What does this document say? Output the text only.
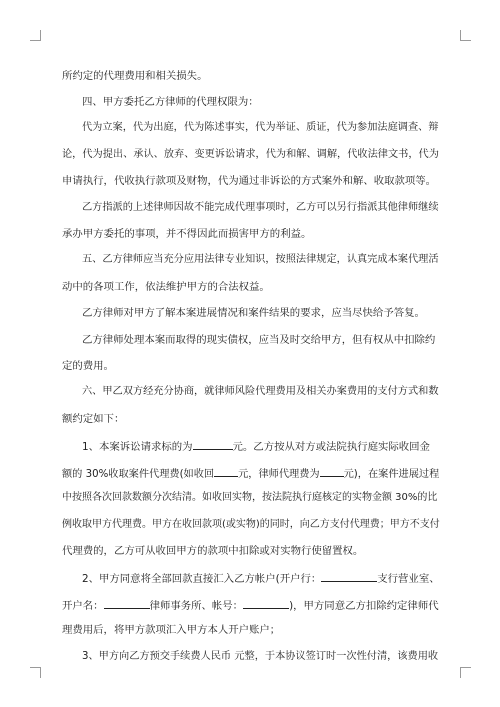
所约定的代理费用和相关损失。
四、甲方委托乙方律师的代理权限为：
代为立案，代为出庭，代为陈述事实，代为举证、质证，代为参加法庭调查、辩
论，代为提出、承认、放弃、变更诉讼请求，代为和解、调解，代收法律文书，代为
申请执行，代收执行款项及财物，代为通过非诉讼的方式案外和解、收取款项等。
乙方指派的上述律师因故不能完成代理事项时，乙方可以另行指派其他律师继续
承办甲方委托的事项，并不得因此而损害甲方的利益。
五、乙方律师应当充分应用法律专业知识，按照法律规定，认真完成本案代理活
动中的各项工作，依法维护甲方的合法权益。
乙方律师对甲方了解本案进展情况和案件结果的要求，应当尽快给予答复。
乙方律师处理本案而取得的现实债权，应当及时交给甲方，但有权从中扣除约
定的费用。
六、甲乙双方经充分协商，就律师风险代理费用及相关办案费用的支付方式和数
额约定如下：
1、本案诉讼请求标的为	元。乙方按从对方或法院执行庭实际收回金
额的 30%收取案件代理费(如收回 元，律师代理费为 元)，在案件进展过程
中按照各次回款数额分次结清。如收回实物，按法院执行庭核定的实物金额 30%的比
例收取甲方代理费。甲方在收回款项(或实物)的同时，向乙方支付代理费；甲方不支付
代理费的，乙方可从收回甲方的款项中扣除或对实物行使留置权。
2、甲方同意将全部回款直接汇入乙方帐户(开户行：	支行营业室、
开户名：	律师事务所、帐号：	)，甲方同意乙方扣除约定律师代
理费用后，将甲方款项汇入甲方本人开户账户；
3、甲方向乙方预交手续费人民币 元整，于本协议签订时一次性付清，该费用收
